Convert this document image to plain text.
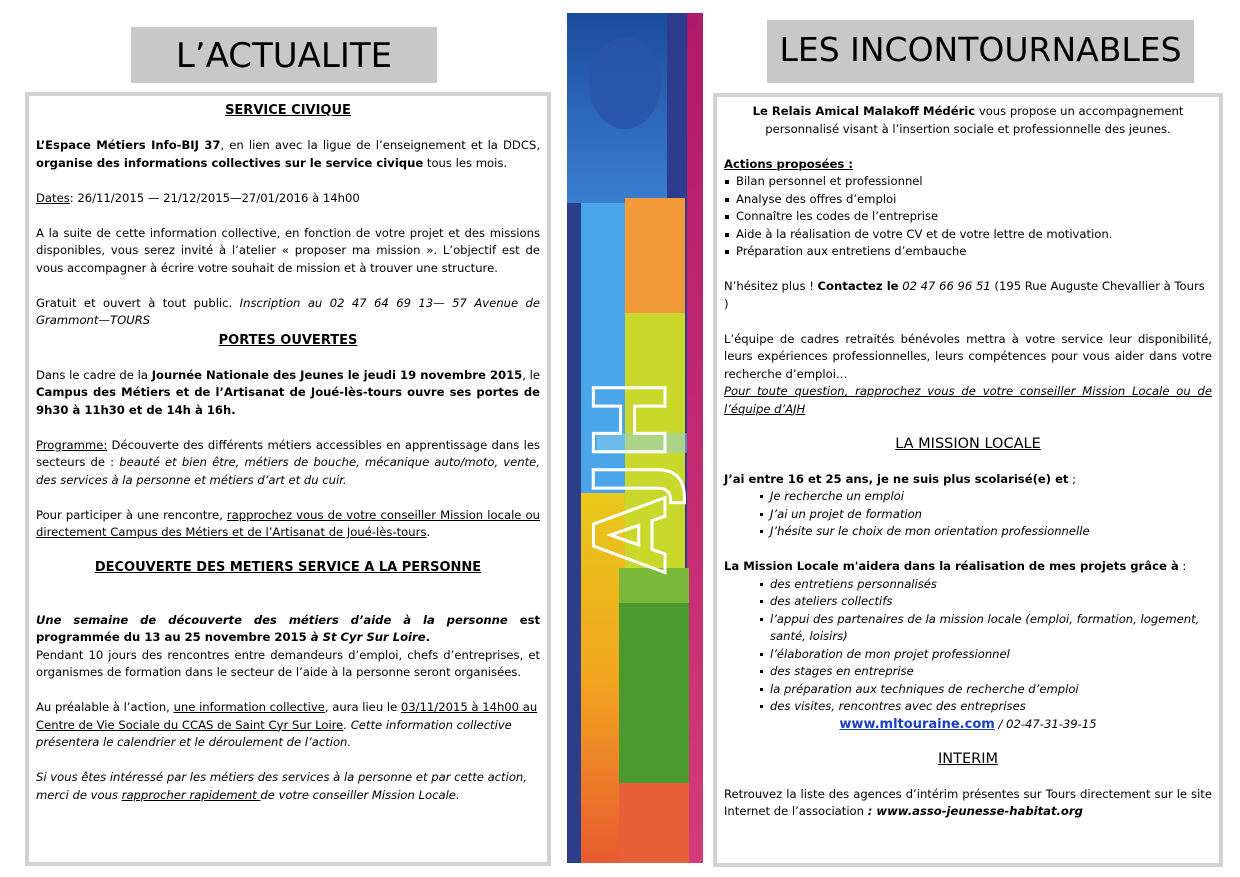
L’ACTUALITE

SERVICE CIVIQUE

L’Espace Métiers Info-BIJ 37, en lien avec la ligue de l’enseignement et la DDCS, organise des informations collectives sur le service civique tous les mois.

Dates: 26/11/2015 — 21/12/2015—27/01/2016 à 14h00

A la suite de cette information collective, en fonction de votre projet et des missions disponibles, vous serez invité à l’atelier « proposer ma mission ». L’objectif est de vous accompagner à écrire votre souhait de mission et à trouver une structure.

Gratuit et ouvert à tout public. Inscription au 02 47 64 69 13— 57 Avenue de Grammont—TOURS

PORTES OUVERTES

Dans le cadre de la Journée Nationale des Jeunes le jeudi 19 novembre 2015, le Campus des Métiers et de l’Artisanat de Joué-lès-tours ouvre ses portes de 9h30 à 11h30 et de 14h à 16h.

Programme: Découverte des différents métiers accessibles en apprentissage dans les secteurs de : beauté et bien être, métiers de bouche, mécanique auto/moto, vente, des services à la personne et métiers d’art et du cuir.

Pour participer à une rencontre, rapprochez vous de votre conseiller Mission locale ou directement Campus des Métiers et de l’Artisanat de Joué-lès-tours.

DECOUVERTE DES METIERS SERVICE A LA PERSONNE

Une semaine de découverte des métiers d’aide à la personne est programmée du 13 au 25 novembre 2015 à St Cyr Sur Loire.

Pendant 10 jours des rencontres entre demandeurs d’emploi, chefs d’entreprises, et organismes de formation dans le secteur de l’aide à la personne seront organisées.

Au préalable à l’action, une information collective, aura lieu le 03/11/2015 à 14h00 au Centre de Vie Sociale du CCAS de Saint Cyr Sur Loire. Cette information collective présentera le calendrier et le déroulement de l’action.

Si vous êtes intéressé par les métiers des services à la personne et par cette action, merci de vous rapprocher rapidement de votre conseiller Mission Locale.

AJH
LES INCONTOURNABLES

Le Relais Amical Malakoff Médéric vous propose un accompagnement personnalisé visant à l’insertion sociale et professionnelle des jeunes.

Actions proposées :

Bilan personnel et professionnel
Analyse des offres d’emploi
Connaître les codes de l’entreprise
Aide à la réalisation de votre CV et de votre lettre de motivation.
Préparation aux entretiens d’embauche

N’hésitez plus ! Contactez le 02 47 66 96 51 (195 Rue Auguste Chevallier à Tours )

L’équipe de cadres retraités bénévoles mettra à votre service leur disponibilité, leurs expériences professionnelles, leurs compétences pour vous aider dans votre recherche d’emploi…

Pour toute question, rapprochez vous de votre conseiller Mission Locale ou de l’équipe d’AJH

LA MISSION LOCALE

J’ai entre 16 et 25 ans, je ne suis plus scolarisé(e) et ;

Je recherche un emploi
J’ai un projet de formation
J’hésite sur le choix de mon orientation professionnelle

La Mission Locale m'aidera dans la réalisation de mes projets grâce à :

des entretiens personnalisés
des ateliers collectifs
l’appui des partenaires de la mission locale (emploi, formation, logement, santé, loisirs)
l’élaboration de mon projet professionnel
des stages en entreprise
la préparation aux techniques de recherche d’emploi
des visites, rencontres avec des entreprises

www.mltouraine.com / 02-47-31-39-15

INTERIM

Retrouvez la liste des agences d’intérim présentes sur Tours directement sur le site Internet de l’association : www.asso-jeunesse-habitat.org
